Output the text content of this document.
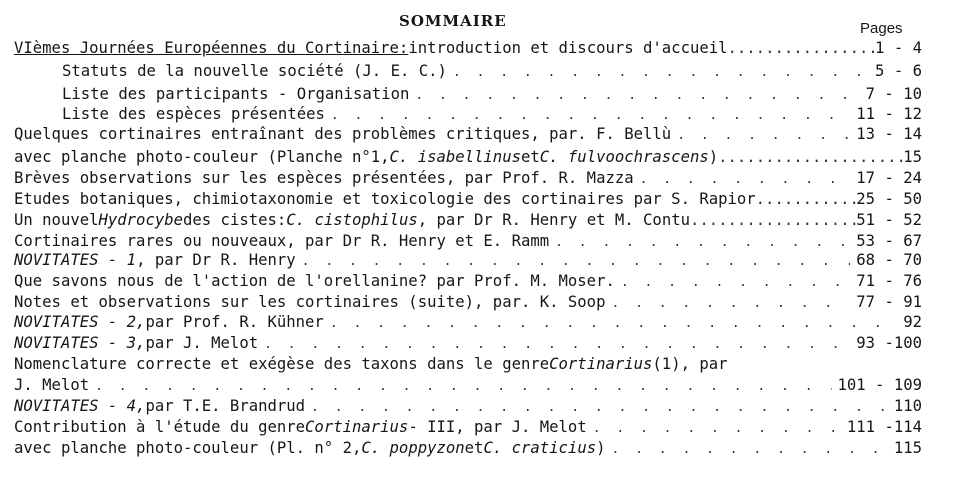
SOMMAIRE	Pages
VIèmes Journées Européennes du Cortinaire: introduction et discours d'accueil .....	1 - 4
Statuts de la nouvelle société (J. E. C.) . . .	5 - 6
Liste des participants - Organisation . . .	7 - 10
Liste des espèces présentées . . .	11 - 12
Quelques cortinaires entraînant des problèmes critiques, par. F. Bellù . . .	13 - 14
avec planche photo-couleur (Planche n°1, C. isabellinus et C. fulvoochrascens ) .....	15
Brèves observations sur les espèces présentées, par Prof. R. Mazza . . .	17 - 24
Etudes botaniques, chimiotaxonomie et toxicologie des cortinaires par S. Rapior .....	25 - 50
Un nouvel Hydrocybe des cistes: C. cistophilus , par Dr R. Henry et M. Contu .....	51 - 52
Cortinaires rares ou nouveaux, par Dr R. Henry et E. Ramm . . .	53 - 67
NOVITATES - 1 , par Dr R. Henry . . .	68 - 70
Que savons nous de l'action de l'orellanine? par Prof. M. Moser. . . .	71 - 76
Notes et observations sur les cortinaires (suite), par. K. Soop . . .	77 - 91
NOVITATES - 2, par Prof. R. Kühner . . .	92
NOVITATES - 3, par J. Melot . . .	93 -100
Nomenclature correcte et exégèse des taxons dans le genre Cortinarius (1), par
J. Melot . . .	101 - 109
NOVITATES - 4, par T.E. Brandrud . . .	110
Contribution à l'étude du genre Cortinarius - III, par J. Melot . . .	111 -114
avec planche photo-couleur (Pl. n° 2, C. poppyzon et C. craticius ) . . .	115
